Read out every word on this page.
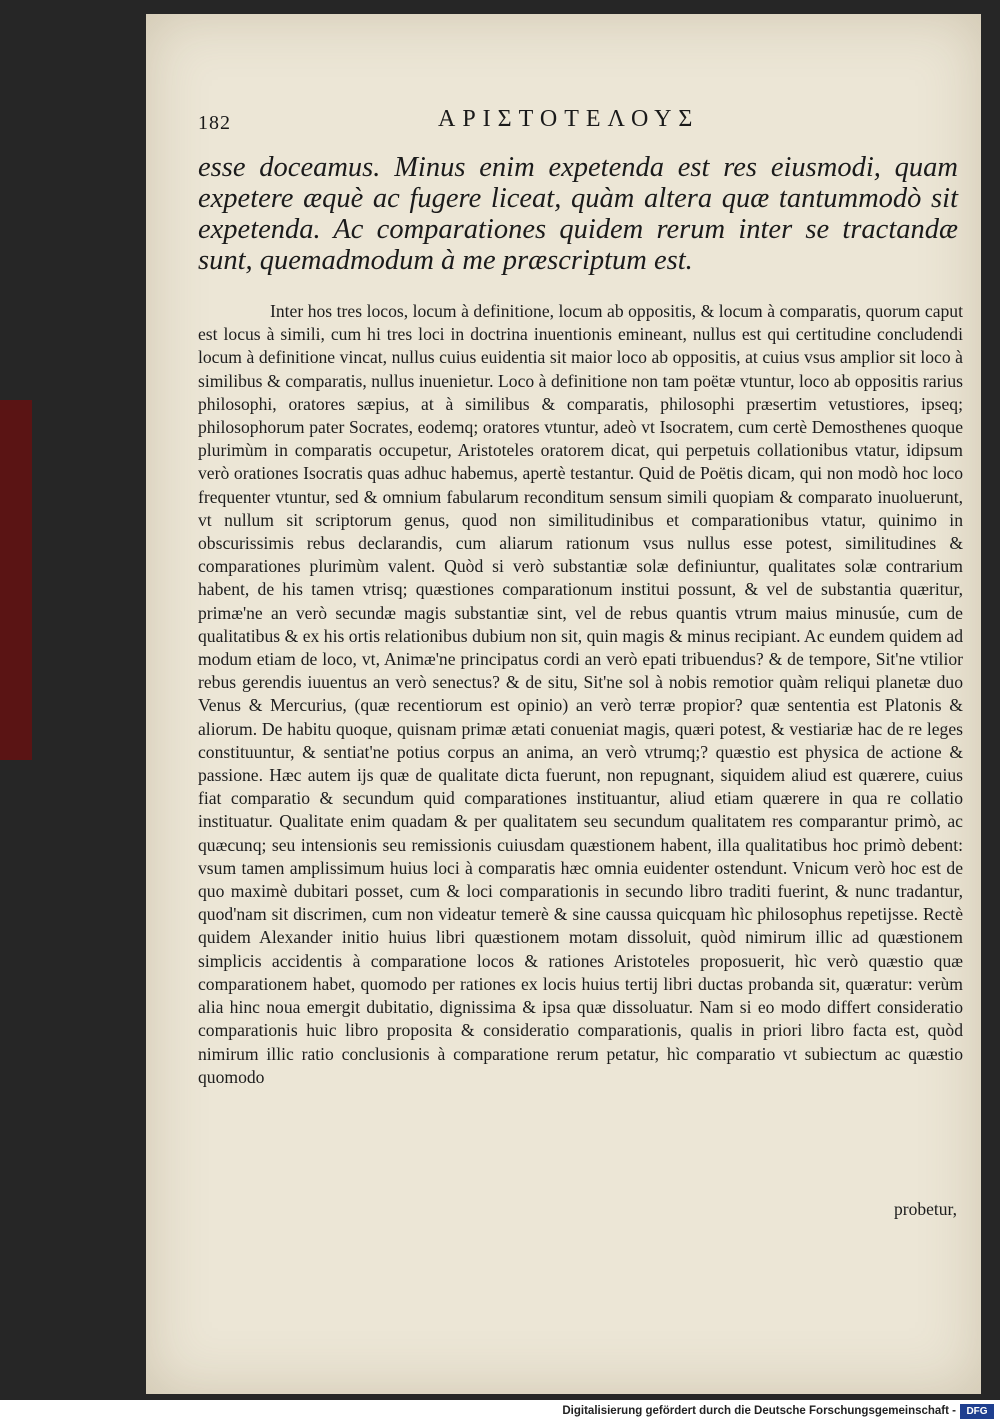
182	ΑΡΙΣΤΟΤΕΛΟΥΣ
esse doceamus. Minus enim expetenda est res eiusmodi, quam expetere æquè ac fugere liceat, quàm altera quæ tantummodò sit expetenda. Ac comparationes quidem rerum inter se tractandæ sunt, quemadmodum à me præscriptum est.

Inter hos tres locos, locum à definitione, locum ab oppositis, & locum à comparatis, quorum caput est locus à simili, cum hi tres loci in doctrina inuentionis emineant, nullus est qui certitudine concludendi locum à definitione vincat, nullus cuius euidentia sit maior loco ab oppositis, at cuius vsus amplior sit loco à similibus & comparatis, nullus inuenietur. Loco à definitione non tam poëtæ vtuntur, loco ab oppositis rarius philosophi, oratores sæpius, at à similibus & comparatis, philosophi præsertim vetustiores, ipseq; philosophorum pater Socrates, eodemq; oratores vtuntur, adeò vt Isocratem, cum certè Demosthenes quoque plurimùm in comparatis occupetur, Aristoteles oratorem dicat, qui perpetuis collationibus vtatur, idipsum verò orationes Isocratis quas adhuc habemus, apertè testantur. Quid de Poëtis dicam, qui non modò hoc loco frequenter vtuntur, sed & omnium fabularum reconditum sensum simili quopiam & comparato inuoluerunt, vt nullum sit scriptorum genus, quod non similitudinibus et comparationibus vtatur, quinimo in obscurissimis rebus declarandis, cum aliarum rationum vsus nullus esse potest, similitudines & comparationes plurimùm valent. Quòd si verò substantiæ solæ definiuntur, qualitates solæ contrarium habent, de his tamen vtrisq; quæstiones comparationum institui possunt, & vel de substantia quæritur, primæ'ne an verò secundæ magis substantiæ sint, vel de rebus quantis vtrum maius minusúe, cum de qualitatibus & ex his ortis relationibus dubium non sit, quin magis & minus recipiant. Ac eundem quidem ad modum etiam de loco, vt, Animæ'ne principatus cordi an verò epati tribuendus? & de tempore, Sit'ne vtilior rebus gerendis iuuentus an verò senectus? & de situ, Sit'ne sol à nobis remotior quàm reliqui planetæ duo Venus & Mercurius, (quæ recentiorum est opinio) an verò terræ propior? quæ sententia est Platonis & aliorum. De habitu quoque, quisnam primæ ætati conueniat magis, quæri potest, & vestiariæ hac de re leges constituuntur, & sentiat'ne potius corpus an anima, an verò vtrumq;? quæstio est physica de actione & passione. Hæc autem ijs quæ de qualitate dicta fuerunt, non repugnant, siquidem aliud est quærere, cuius fiat comparatio & secundum quid comparationes instituantur, aliud etiam quærere in qua re collatio instituatur. Qualitate enim quadam & per qualitatem seu secundum qualitatem res comparantur primò, ac quæcunq; seu intensionis seu remissionis cuiusdam quæstionem habent, illa qualitatibus hoc primò debent: vsum tamen amplissimum huius loci à comparatis hæc omnia euidenter ostendunt. Vnicum verò hoc est de quo maximè dubitari posset, cum & loci comparationis in secundo libro traditi fuerint, & nunc tradantur, quod'nam sit discrimen, cum non videatur temerè & sine caussa quicquam hìc philosophus repetijsse. Rectè quidem Alexander initio huius libri quæstionem motam dissoluit, quòd nimirum illic ad quæstionem simplicis accidentis à comparatione locos & rationes Aristoteles proposuerit, hìc verò quæstio quæ comparationem habet, quomodo per rationes ex locis huius tertij libri ductas probanda sit, quæratur: verùm alia hinc noua emergit dubitatio, dignissima & ipsa quæ dissoluatur. Nam si eo modo differt consideratio comparationis huic libro proposita & consideratio comparationis, qualis in priori libro facta est, quòd nimirum illic ratio conclusionis à comparatione rerum petatur, hìc comparatio vt subiectum ac quæstio quomodo

probetur,
Digitalisierung gefördert durch die Deutsche Forschungsgemeinschaft -	DFG
